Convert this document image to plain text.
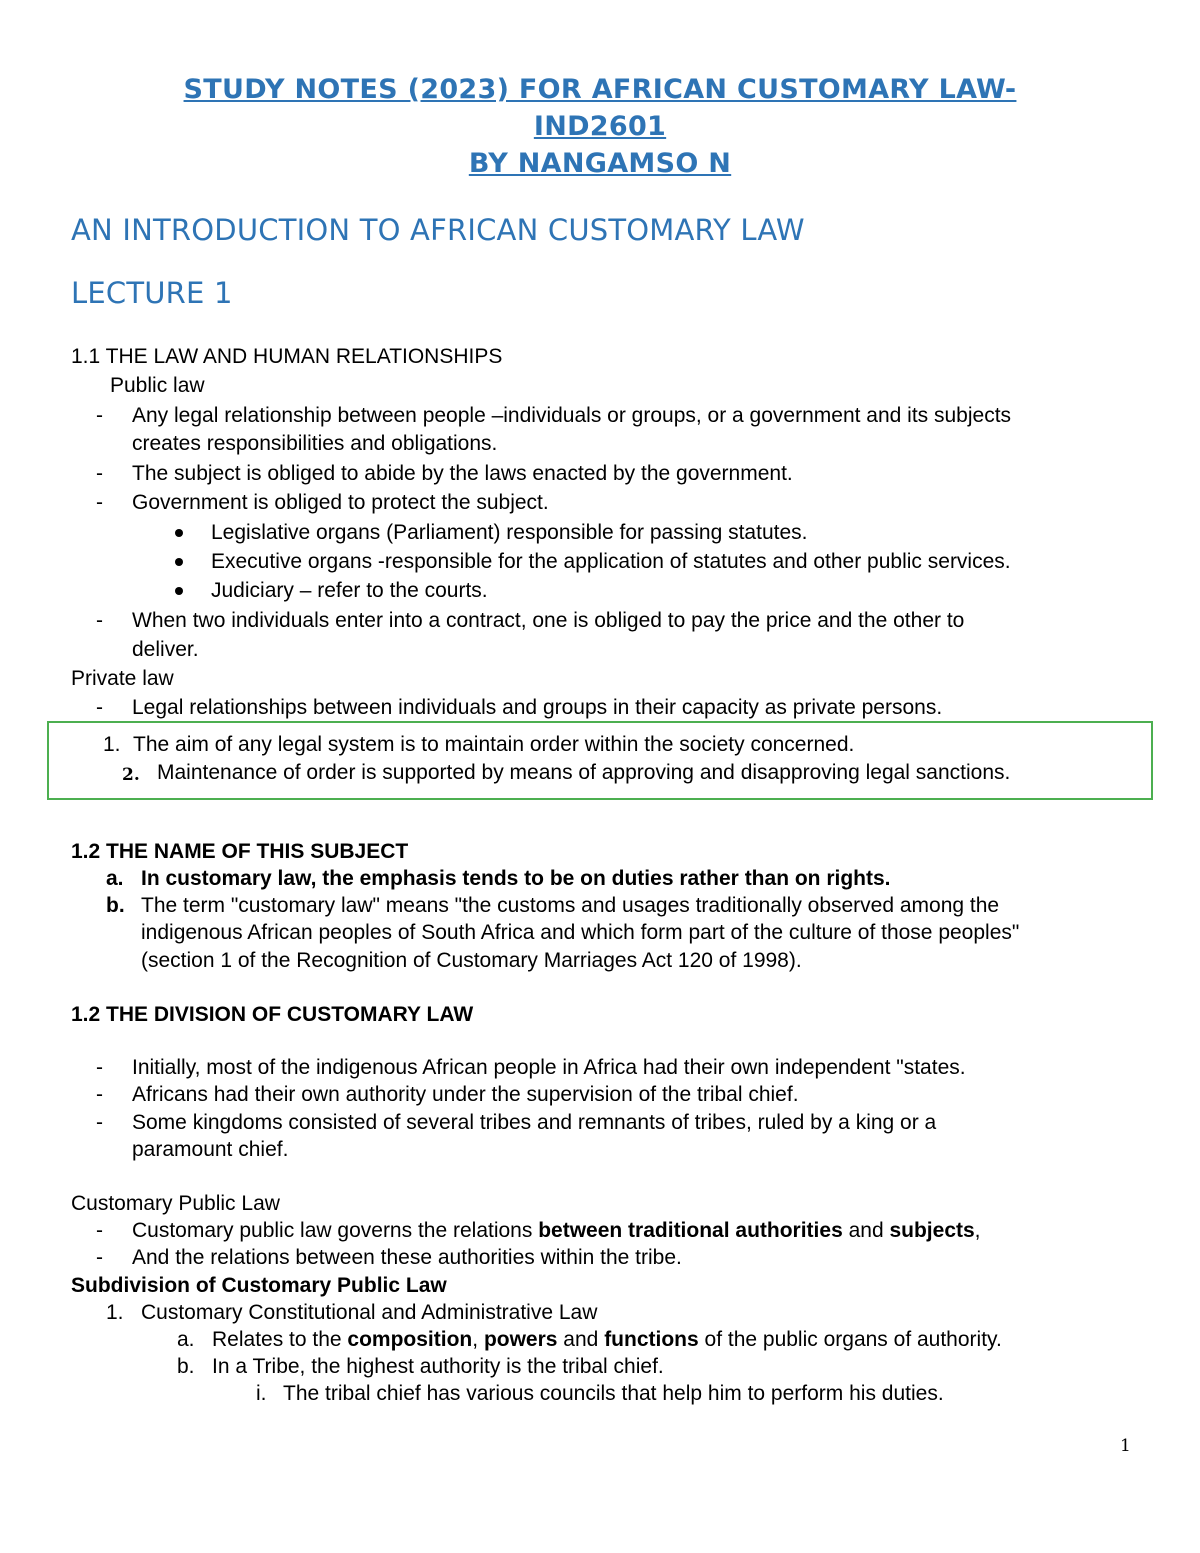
STUDY NOTES (2023) FOR AFRICAN CUSTOMARY LAW-
IND2601
BY NANGAMSO N
AN INTRODUCTION TO AFRICAN CUSTOMARY LAW
LECTURE 1
1.1 THE LAW AND HUMAN RELATIONSHIPS
Public law
- Any legal relationship between people –individuals or groups, or a government and its subjects
creates responsibilities and obligations.
- The subject is obliged to abide by the laws enacted by the government.
- Government is obliged to protect the subject.
Legislative organs (Parliament) responsible for passing statutes.
Executive organs -responsible for the application of statutes and other public services.
Judiciary – refer to the courts.
- When two individuals enter into a contract, one is obliged to pay the price and the other to
deliver.
Private law
- Legal relationships between individuals and groups in their capacity as private persons.
1. The aim of any legal system is to maintain order within the society concerned.
2. Maintenance of order is supported by means of approving and disapproving legal sanctions.
1.2 THE NAME OF THIS SUBJECT
a. In customary law, the emphasis tends to be on duties rather than on rights.
b. The term "customary law" means "the customs and usages traditionally observed among the
indigenous African peoples of South Africa and which form part of the culture of those peoples"
(section 1 of the Recognition of Customary Marriages Act 120 of 1998).
1.2 THE DIVISION OF CUSTOMARY LAW
- Initially, most of the indigenous African people in Africa had their own independent "states.
- Africans had their own authority under the supervision of the tribal chief.
- Some kingdoms consisted of several tribes and remnants of tribes, ruled by a king or a
paramount chief.
Customary Public Law
- Customary public law governs the relations between traditional authorities and subjects,
- And the relations between these authorities within the tribe.
Subdivision of Customary Public Law
1. Customary Constitutional and Administrative Law
a. Relates to the composition, powers and functions of the public organs of authority.
b. In a Tribe, the highest authority is the tribal chief.
i. The tribal chief has various councils that help him to perform his duties.
1
